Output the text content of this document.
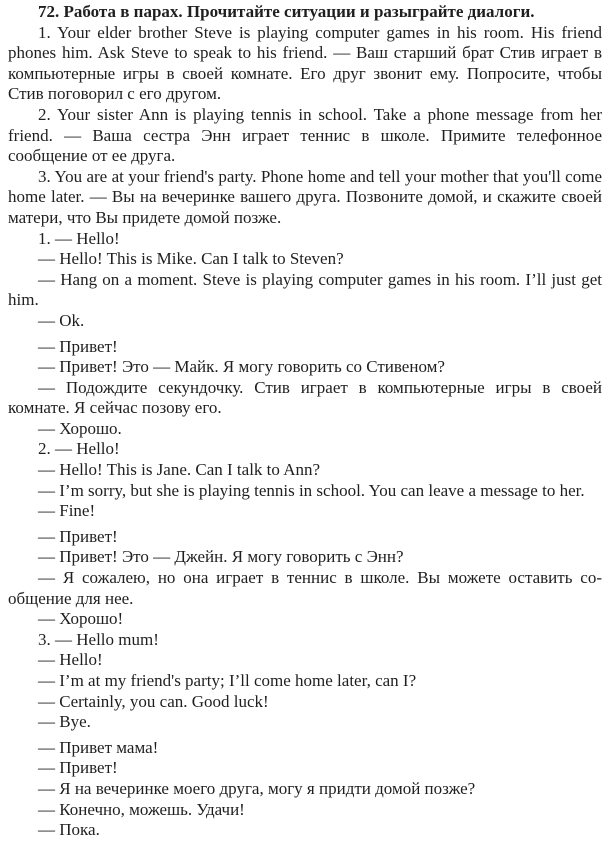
72. Работа в парах. Прочитайте ситуации и разыграйте диалоги.

1. Your elder brother Steve is playing computer games in his room. His friend phones him. Ask Steve to speak to his friend. — Ваш старший брат Стив играет в компьютерные игры в своей комнате. Его друг звонит ему. Попросите, чтобы Стив поговорил с его другом.

2. Your sister Ann is playing tennis in school. Take a phone message from her friend. — Ваша сестра Энн играет теннис в школе. Примите телефонное сообщение от ее друга.

3. You are at your friend's party. Phone home and tell your mother that you'll come home later. — Вы на вечеринке вашего друга. Позвоните домой, и скажите своей матери, что Вы придете домой позже.

1. — Hello!

— Hello! This is Mike. Can I talk to Steven?

— Hang on a moment. Steve is playing computer games in his room. I’ll just get him.

— Ok.

— Привет!

— Привет! Это — Майк. Я могу говорить со Стивеном?

— Подождите секундочку. Стив играет в компьютерные игры в своей комнате. Я сейчас позову его.

— Хорошо.

2. — Hello!

— Hello! This is Jane. Can I talk to Ann?

— I’m sorry, but she is playing tennis in school. You can leave a message to her.

— Fine!

— Привет!

— Привет! Это — Джейн. Я могу говорить с Энн?

— Я сожалею, но она играет в теннис в школе. Вы можете оставить сообщение для нее.

— Хорошо!

3. — Hello mum!

— Hello!

— I’m at my friend's party; I’ll come home later, can I?

— Certainly, you can. Good luck!

— Bye.

— Привет мама!

— Привет!

— Я на вечеринке моего друга, могу я придти домой позже?

— Конечно, можешь. Удачи!

— Пока.
